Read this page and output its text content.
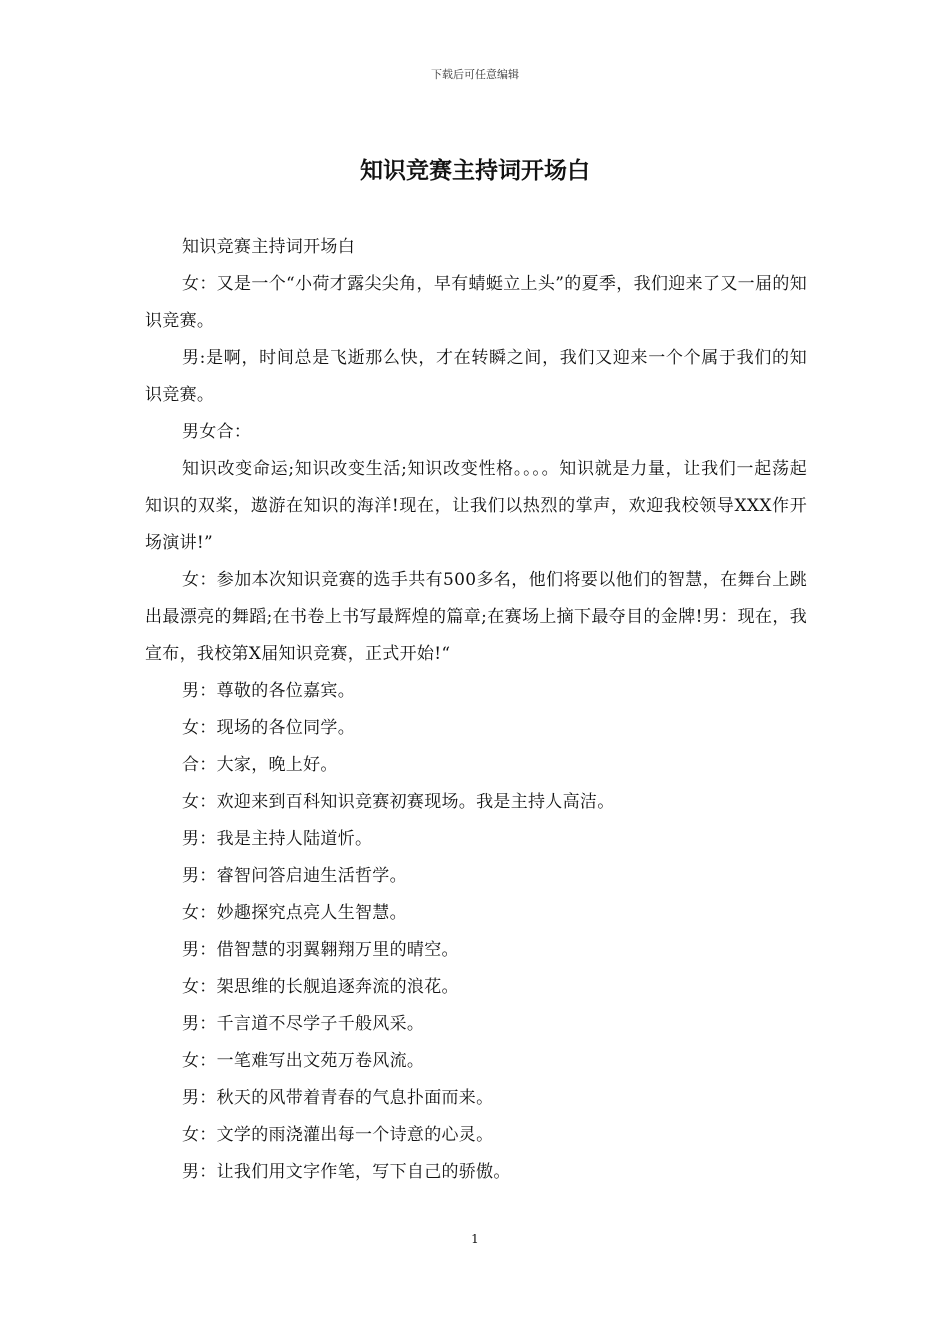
下载后可任意编辑
知识竞赛主持词开场白

知识竞赛主持词开场白

女：又是一个“小荷才露尖尖角，早有蜻蜓立上头”的夏季，我们迎来了又一届的知识竞赛。

男:是啊，时间总是飞逝那么快，才在转瞬之间，我们又迎来一个个属于我们的知识竞赛。

男女合：

知识改变命运;知识改变生活;知识改变性格。。。。知识就是力量，让我们一起荡起知识的双桨，遨游在知识的海洋!现在，让我们以热烈的掌声，欢迎我校领导XXX作开场演讲!”

女：参加本次知识竞赛的选手共有500多名，他们将要以他们的智慧，在舞台上跳出最漂亮的舞蹈;在书卷上书写最辉煌的篇章;在赛场上摘下最夺目的金牌!男：现在，我宣布，我校第X届知识竞赛，正式开始!“

男：尊敬的各位嘉宾。

女：现场的各位同学。

合：大家，晚上好。

女：欢迎来到百科知识竞赛初赛现场。我是主持人高洁。

男：我是主持人陆道忻。

男：睿智问答启迪生活哲学。

女：妙趣探究点亮人生智慧。

男：借智慧的羽翼翱翔万里的晴空。

女：架思维的长舰追逐奔流的浪花。

男：千言道不尽学子千般风采。

女：一笔难写出文苑万卷风流。

男：秋天的风带着青春的气息扑面而来。

女：文学的雨浇灌出每一个诗意的心灵。

男：让我们用文字作笔，写下自己的骄傲。

1
